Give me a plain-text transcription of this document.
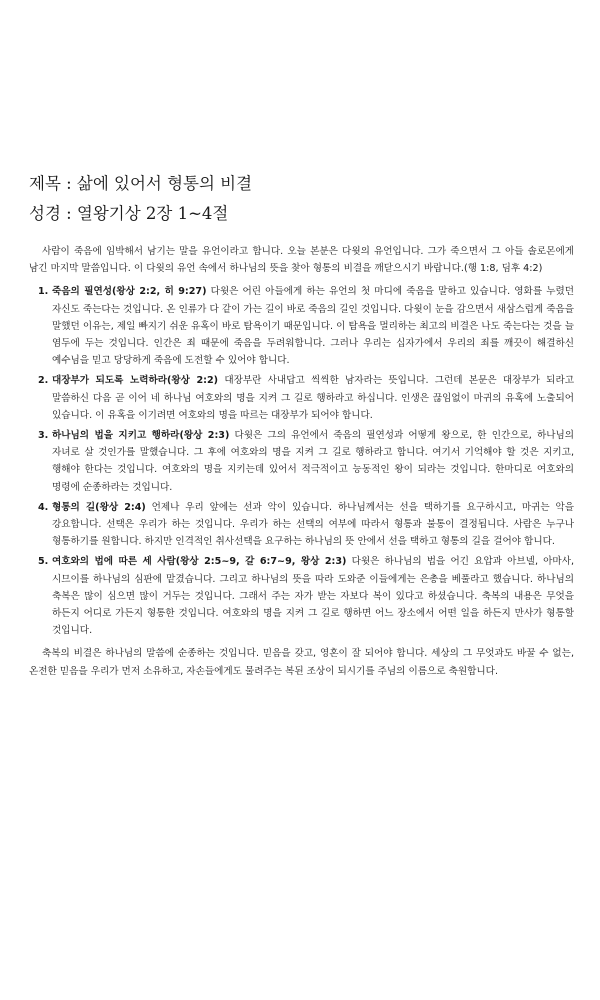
제목 : 삶에 있어서 형통의 비결
성경 : 열왕기상 2장 1~4절

사람이 죽음에 임박해서 남기는 말을 유언이라고 합니다. 오늘 본분은 다윗의 유언입니다. 그가 죽으면서 그 아들 솔로몬에게 남긴 마지막 말씀입니다. 이 다윗의 유언 속에서 하나님의 뜻을 찾아 형통의 비결을 깨닫으시기 바랍니다.(행 1:8, 딤후 4:2)

1. 죽음의 필연성(왕상 2:2, 히 9:27) 다윗은 어린 아들에게 하는 유언의 첫 마디에 죽음을 말하고 있습니다. 영화를 누렸던 자신도 죽는다는 것입니다. 온 인류가 다 같이 가는 길이 바로 죽음의 길인 것입니다. 다윗이 눈을 감으면서 새삼스럽게 죽음을 말했던 이유는, 제일 빠지기 쉬운 유혹이 바로 탐욕이기 때문입니다. 이 탐욕을 멀리하는 최고의 비결은 나도 죽는다는 것을 늘 염두에 두는 것입니다. 인간은 죄 때문에 죽음을 두려워합니다. 그러나 우리는 십자가에서 우리의 죄를 깨끗이 해결하신 예수님을 믿고 당당하게 죽음에 도전할 수 있어야 합니다.
2. 대장부가 되도록 노력하라(왕상 2:2) 대장부란 사내답고 씩씩한 남자라는 뜻입니다. 그런데 본문은 대장부가 되라고 말씀하신 다음 곧 이어 네 하나님 여호와의 명을 지켜 그 길로 행하라고 하십니다. 인생은 끊임없이 마귀의 유혹에 노출되어 있습니다. 이 유혹을 이기려면 여호와의 명을 따르는 대장부가 되어야 합니다.
3. 하나님의 법을 지키고 행하라(왕상 2:3) 다윗은 그의 유언에서 죽음의 필연성과 어떻게 왕으로, 한 인간으로, 하나님의 자녀로 살 것인가를 말했습니다. 그 후에 여호와의 명을 지켜 그 길로 행하라고 합니다. 여기서 기억해야 할 것은 지키고, 행해야 한다는 것입니다. 여호와의 명을 지키는데 있어서 적극적이고 능동적인 왕이 되라는 것입니다. 한마디로 여호와의 명령에 순종하라는 것입니다.
4. 형통의 길(왕상 2:4) 언제나 우리 앞에는 선과 악이 있습니다. 하나님께서는 선을 택하기를 요구하시고, 마귀는 악을 강요합니다. 선택은 우리가 하는 것입니다. 우리가 하는 선택의 여부에 따라서 형통과 불통이 결정됩니다. 사람은 누구나 형통하기를 원합니다. 하지만 인격적인 취사선택을 요구하는 하나님의 뜻 안에서 선을 택하고 형통의 길을 걸어야 합니다.
5. 여호와의 법에 따른 세 사람(왕상 2:5~9, 갈 6:7~9, 왕상 2:3) 다윗은 하나님의 법을 어긴 요압과 아브넬, 아마사, 시므이를 하나님의 심판에 맡겼습니다. 그리고 하나님의 뜻을 따라 도와준 이들에게는 은총을 베풀라고 했습니다. 하나님의 축복은 많이 심으면 많이 거두는 것입니다. 그래서 주는 자가 받는 자보다 복이 있다고 하셨습니다. 축복의 내용은 무엇을 하든지 어디로 가든지 형통한 것입니다. 여호와의 명을 지켜 그 길로 행하면 어느 장소에서 어떤 일을 하든지 만사가 형통할 것입니다.

축복의 비결은 하나님의 말씀에 순종하는 것입니다. 믿음을 갖고, 영혼이 잘 되어야 합니다. 세상의 그 무엇과도 바꿀 수 없는, 온전한 믿음을 우리가 먼저 소유하고, 자손들에게도 물려주는 복된 조상이 되시기를 주님의 이름으로 축원합니다.
